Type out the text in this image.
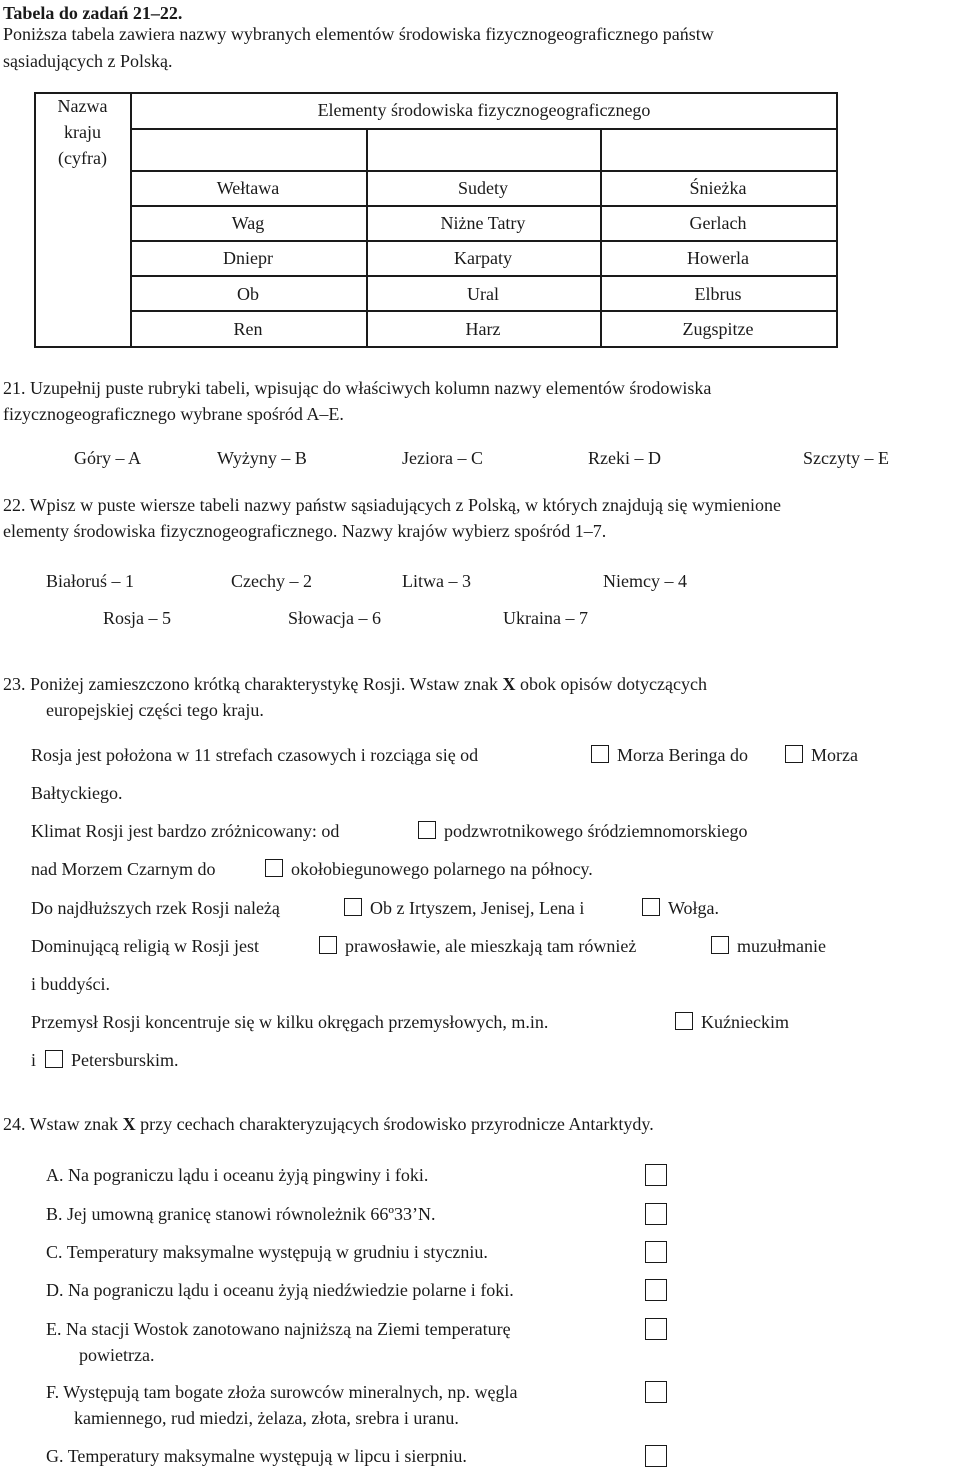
Tabela do zadań 21–22.
Poniższa tabela zawiera nazwy wybranych elementów środowiska fizycznogeograficznego państw
sąsiadujących z Polską.
Nazwa
kraju
(cyfra)
Elementy środowiska fizycznogeograficznego
Wełtawa	Sudety	Śnieżka
Wag	Niżne Tatry	Gerlach
Dniepr	Karpaty	Howerla
Ob	Ural	Elbrus
Ren	Harz	Zugspitze
21. Uzupełnij puste rubryki tabeli, wpisując do właściwych kolumn nazwy elementów środowiska
fizycznogeograficznego wybrane spośród A–E.
Góry – A	Wyżyny – B	Jeziora – C	Rzeki – D	Szczyty – E
22. Wpisz w puste wiersze tabeli nazwy państw sąsiadujących z Polską, w których znajdują się wymienione
elementy środowiska fizycznogeograficznego. Nazwy krajów wybierz spośród 1–7.
Białoruś – 1	Czechy – 2	Litwa – 3	Niemcy – 4
Rosja – 5	Słowacja – 6	Ukraina – 7
23. Poniżej zamieszczono krótką charakterystykę Rosji. Wstaw znak X obok opisów dotyczących
europejskiej części tego kraju.
Rosja jest położona w 11 strefach czasowych i rozciąga się od	Morza Beringa do	Morza
Bałtyckiego.
Klimat Rosji jest bardzo zróżnicowany: od	podzwrotnikowego śródziemnomorskiego
nad Morzem Czarnym do	okołobiegunowego polarnego na północy.
Do najdłuższych rzek Rosji należą	Ob z Irtyszem, Jenisej, Lena i	Wołga.
Dominującą religią w Rosji jest	prawosławie, ale mieszkają tam również	muzułmanie
i buddyści.
Przemysł Rosji koncentruje się w kilku okręgach przemysłowych, m.in.	Kuźnieckim
i Petersburskim.
24. Wstaw znak X przy cechach charakteryzujących środowisko przyrodnicze Antarktydy.
A. Na pograniczu lądu i oceanu żyją pingwiny i foki.
B. Jej umowną granicę stanowi równoleżnik 66º33’N.
C. Temperatury maksymalne występują w grudniu i styczniu.
D. Na pograniczu lądu i oceanu żyją niedźwiedzie polarne i foki.
E. Na stacji Wostok zanotowano najniższą na Ziemi temperaturę
powietrza.
F. Występują tam bogate złoża surowców mineralnych, np. węgla
kamiennego, rud miedzi, żelaza, złota, srebra i uranu.
G. Temperatury maksymalne występują w lipcu i sierpniu.
